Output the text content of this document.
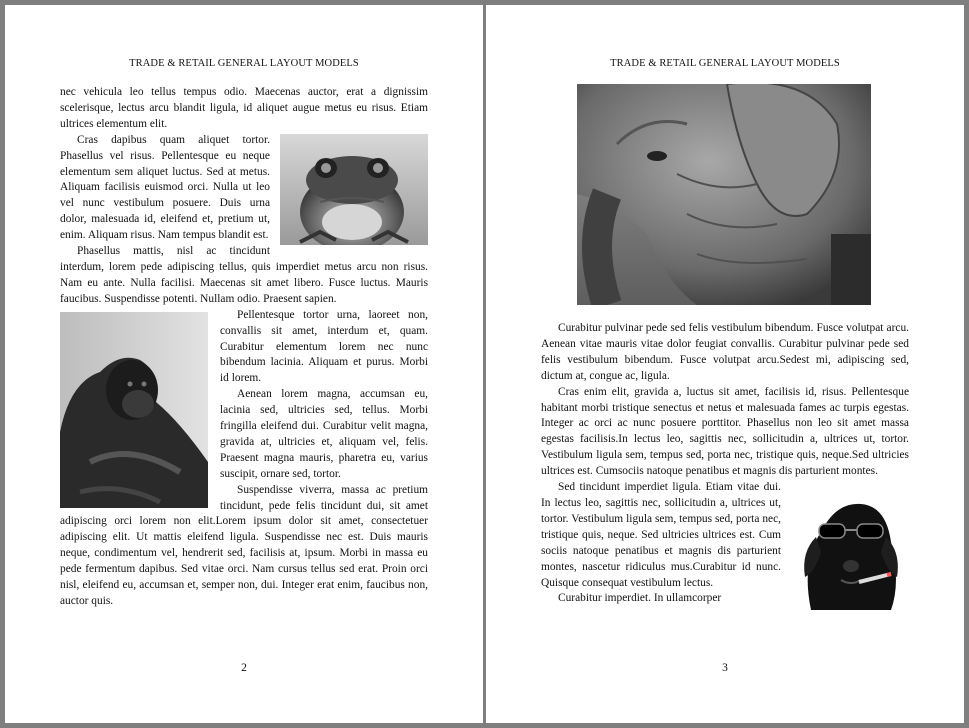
TRADE & RETAIL GENERAL LAYOUT MODELS

nec vehicula leo tellus tempus odio. Maecenas auctor, erat a dignissim scelerisque, lectus arcu blandit ligula, id aliquet augue metus eu risus. Etiam ultrices elementum elit.

Cras dapibus quam aliquet tortor. Phasellus vel risus. Pellentesque eu neque elementum sem aliquet luctus. Sed at metus. Aliquam facilisis euismod orci. Nulla ut leo vel nunc vestibulum posuere. Duis urna dolor, malesuada id, eleifend et, pretium ut, enim. Aliquam risus. Nam tempus blandit est.

Phasellus mattis, nisl ac tincidunt interdum, lorem pede adipiscing tellus, quis imperdiet metus arcu non risus. Nam eu ante. Nulla facilisi. Maecenas sit amet libero. Fusce luctus. Mauris faucibus. Suspendisse potenti. Nullam odio. Praesent sapien.

Pellentesque tortor urna, laoreet non, convallis sit amet, interdum et, quam. Curabitur elementum lorem nec nunc bibendum lacinia. Aliquam et purus. Morbi id lorem.

Aenean lorem magna, accumsan eu, lacinia sed, ultricies sed, tellus. Morbi fringilla eleifend dui. Curabitur velit magna, gravida at, ultricies et, aliquam vel, felis. Praesent magna mauris, pharetra eu, varius suscipit, ornare sed, tortor.

Suspendisse viverra, massa ac pretium tincidunt, pede felis tincidunt dui, sit amet adipiscing orci lorem non elit.Lorem ipsum dolor sit amet, consectetuer adipiscing elit. Ut mattis eleifend ligula. Suspendisse nec est. Duis mauris neque, condimentum vel, hendrerit sed, facilisis at, ipsum. Morbi in massa eu pede fermentum dapibus. Sed vitae orci. Nam cursus tellus sed erat. Proin orci nisl, eleifend eu, accumsan et, semper non, dui. Integer erat enim, faucibus non, auctor quis.

2
TRADE & RETAIL GENERAL LAYOUT MODELS

Curabitur pulvinar pede sed felis vestibulum bibendum. Fusce volutpat arcu. Aenean vitae mauris vitae dolor feugiat convallis. Curabitur pulvinar pede sed felis vestibulum bibendum. Fusce volutpat arcu.Sedest mi, adipiscing sed, dictum at, congue ac, ligula.

Cras enim elit, gravida a, luctus sit amet, facilisis id, risus. Pellentesque habitant morbi tristique senectus et netus et malesuada fames ac turpis egestas. Integer ac orci ac nunc posuere porttitor. Phasellus non leo sit amet massa egestas facilisis.In lectus leo, sagittis nec, sollicitudin a, ultrices ut, tortor. Vestibulum ligula sem, tempus sed, porta nec, tristique quis, neque.Sed ultricies ultrices est. Cumsociis natoque penatibus et magnis dis parturient montes.

Sed tincidunt imperdiet ligula. Etiam vitae dui. In lectus leo, sagittis nec, sollicitudin a, ultrices ut, tortor. Vestibulum ligula sem, tempus sed, porta nec, tristique quis, neque. Sed ultricies ultrices est. Cum sociis natoque penatibus et magnis dis parturient montes, nascetur ridiculus mus.Curabitur id nunc. Quisque consequat vestibulum lectus.

Curabitur imperdiet. In ullamcorper

3
